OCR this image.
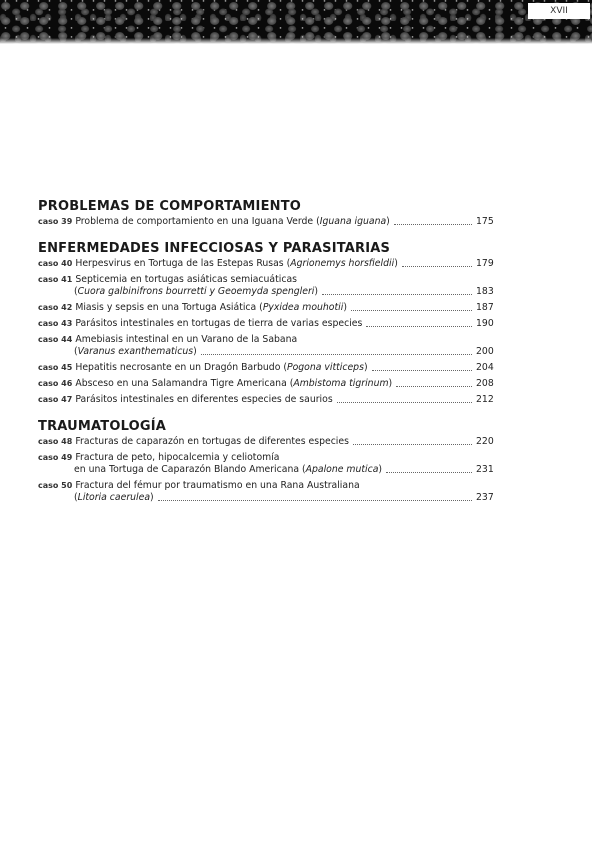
XVII
PROBLEMAS DE COMPORTAMIENTO
caso 39 Problema de comportamiento en una Iguana Verde (Iguana iguana)	175
ENFERMEDADES INFECCIOSAS Y PARASITARIAS
caso 40 Herpesvirus en Tortuga de las Estepas Rusas (Agrionemys horsfieldii)	179
caso 41 Septicemia en tortugas asiáticas semiacuáticas
(Cuora galbinifrons bourretti y Geoemyda spengleri)	183
caso 42 Miasis y sepsis en una Tortuga Asiática (Pyxidea mouhotii)	187
caso 43 Parásitos intestinales en tortugas de tierra de varias especies	190
caso 44 Amebiasis intestinal en un Varano de la Sabana
(Varanus exanthematicus)	200
caso 45 Hepatitis necrosante en un Dragón Barbudo (Pogona vitticeps)	204
caso 46 Absceso en una Salamandra Tigre Americana (Ambistoma tigrinum)	208
caso 47 Parásitos intestinales en diferentes especies de saurios	212
TRAUMATOLOGÍA
caso 48 Fracturas de caparazón en tortugas de diferentes especies	220
caso 49 Fractura de peto, hipocalcemia y celiotomía
en una Tortuga de Caparazón Blando Americana (Apalone mutica)	231
caso 50 Fractura del fémur por traumatismo en una Rana Australiana
(Litoria caerulea)	237
